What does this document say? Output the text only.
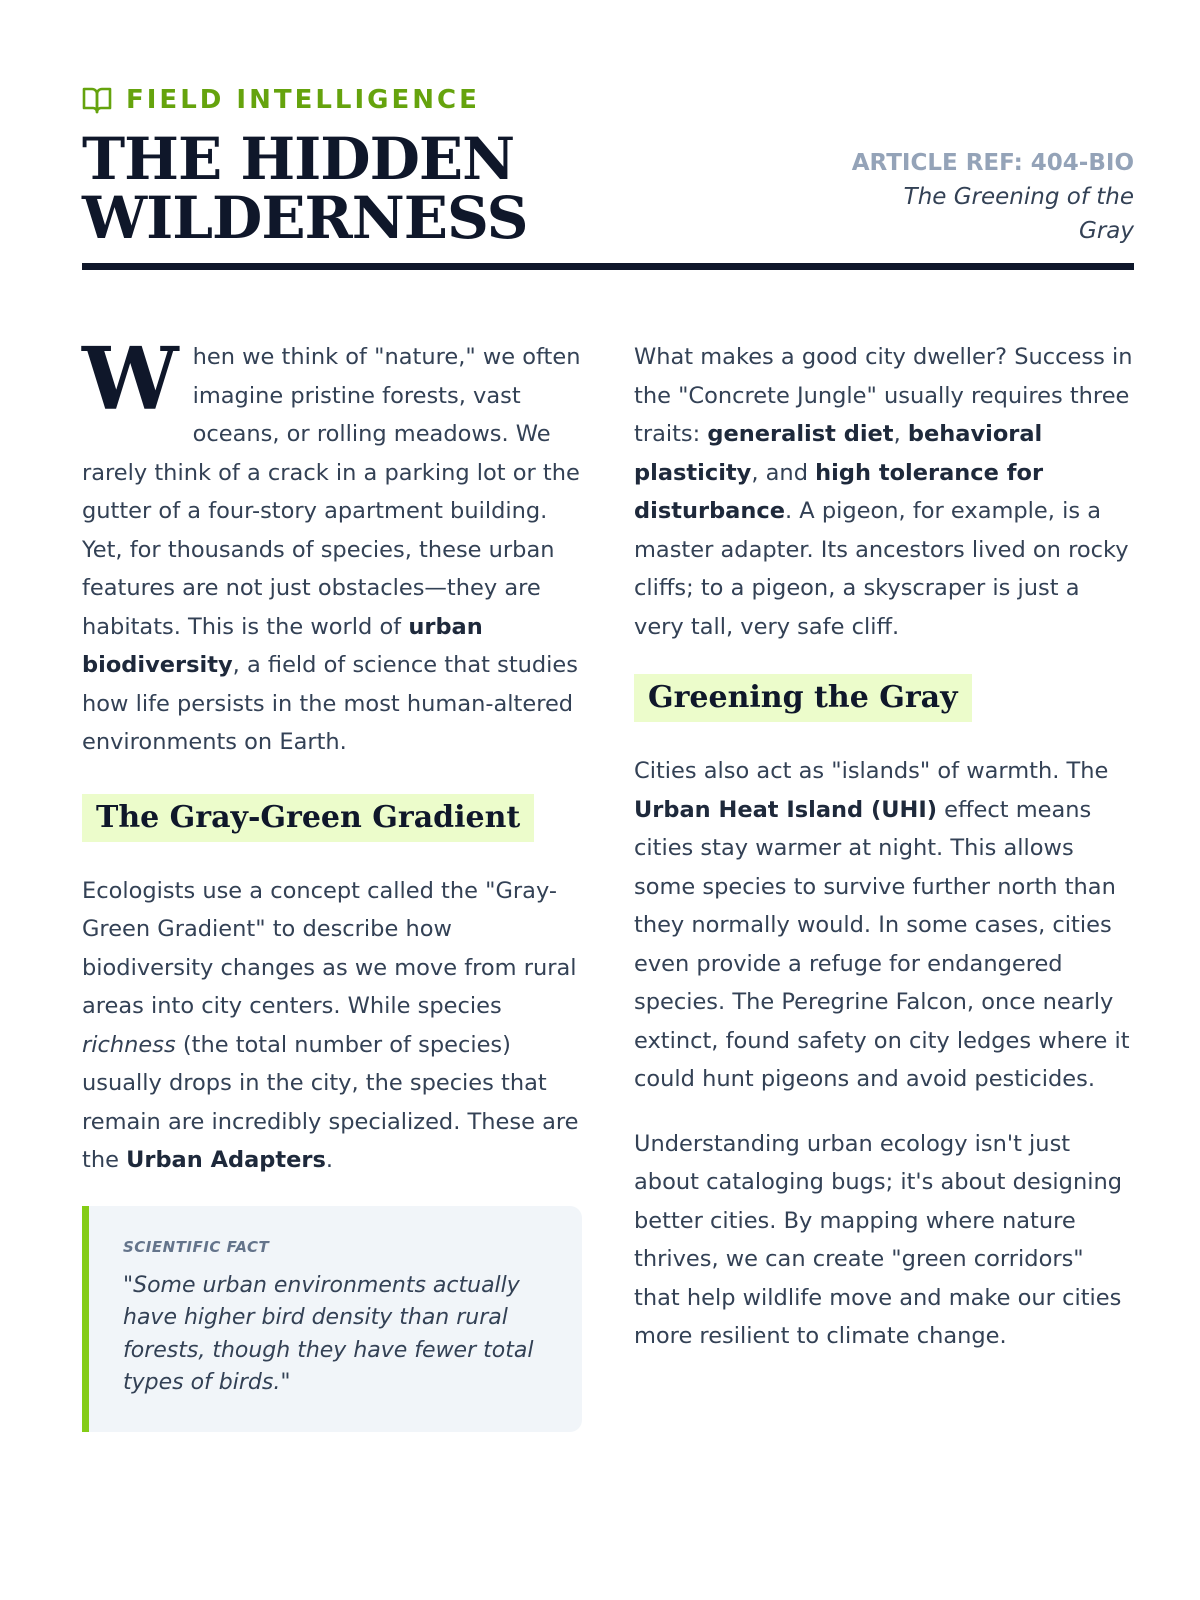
FIELD INTELLIGENCE
THE HIDDEN
WILDERNESS
ARTICLE REF: 404-BIO
The Greening of the Gray

When we think of "nature," we often imagine pristine forests, vast oceans, or rolling meadows. We rarely think of a crack in a parking lot or the gutter of a four-story apartment building. Yet, for thousands of species, these urban features are not just obstacles—they are habitats. This is the world of urban biodiversity, a field of science that studies how life persists in the most human-altered environments on Earth.

The Gray-Green Gradient

Ecologists use a concept called the "Gray-Green Gradient" to describe how biodiversity changes as we move from rural areas into city centers. While species richness (the total number of species) usually drops in the city, the species that remain are incredibly specialized. These are the Urban Adapters.

SCIENTIFIC FACT
"Some urban environments actually have higher bird density than rural forests, though they have fewer total types of birds."

What makes a good city dweller? Success in the "Concrete Jungle" usually requires three traits: generalist diet, behavioral plasticity, and high tolerance for disturbance. A pigeon, for example, is a master adapter. Its ancestors lived on rocky cliffs; to a pigeon, a skyscraper is just a very tall, very safe cliff.

Greening the Gray

Cities also act as "islands" of warmth. The Urban Heat Island (UHI) effect means cities stay warmer at night. This allows some species to survive further north than they normally would. In some cases, cities even provide a refuge for endangered species. The Peregrine Falcon, once nearly extinct, found safety on city ledges where it could hunt pigeons and avoid pesticides.

Understanding urban ecology isn't just about cataloging bugs; it's about designing better cities. By mapping where nature thrives, we can create "green corridors" that help wildlife move and make our cities more resilient to climate change.
